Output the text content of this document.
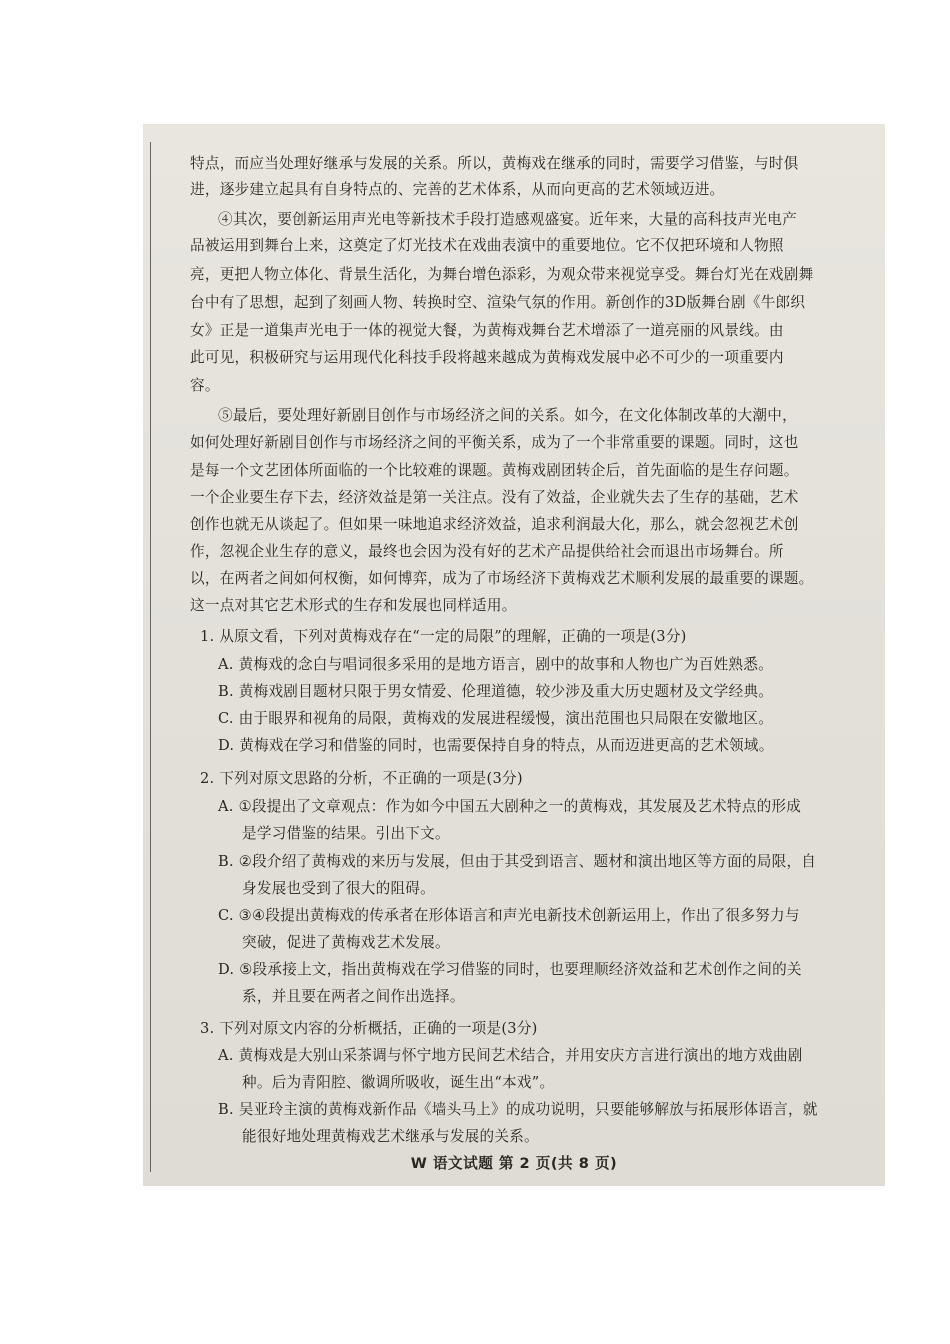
特点，而应当处理好继承与发展的关系。所以，黄梅戏在继承的同时，需要学习借鉴，与时俱
进，逐步建立起具有自身特点的、完善的艺术体系，从而向更高的艺术领域迈进。
④其次，要创新运用声光电等新技术手段打造感观盛宴。近年来，大量的高科技声光电产
品被运用到舞台上来，这奠定了灯光技术在戏曲表演中的重要地位。它不仅把环境和人物照
亮，更把人物立体化、背景生活化，为舞台增色添彩，为观众带来视觉享受。舞台灯光在戏剧舞
台中有了思想，起到了刻画人物、转换时空、渲染气氛的作用。新创作的3D版舞台剧《牛郎织
女》正是一道集声光电于一体的视觉大餐，为黄梅戏舞台艺术增添了一道亮丽的风景线。由
此可见，积极研究与运用现代化科技手段将越来越成为黄梅戏发展中必不可少的一项重要内
容。
⑤最后，要处理好新剧目创作与市场经济之间的关系。如今，在文化体制改革的大潮中，
如何处理好新剧目创作与市场经济之间的平衡关系，成为了一个非常重要的课题。同时，这也
是每一个文艺团体所面临的一个比较难的课题。黄梅戏剧团转企后，首先面临的是生存问题。
一个企业要生存下去，经济效益是第一关注点。没有了效益，企业就失去了生存的基础，艺术
创作也就无从谈起了。但如果一味地追求经济效益，追求利润最大化，那么，就会忽视艺术创
作，忽视企业生存的意义，最终也会因为没有好的艺术产品提供给社会而退出市场舞台。所
以，在两者之间如何权衡，如何博弈，成为了市场经济下黄梅戏艺术顺利发展的最重要的课题。
这一点对其它艺术形式的生存和发展也同样适用。
1. 从原文看，下列对黄梅戏存在“一定的局限”的理解，正确的一项是(3分)
A. 黄梅戏的念白与唱词很多采用的是地方语言，剧中的故事和人物也广为百姓熟悉。
B. 黄梅戏剧目题材只限于男女情爱、伦理道德，较少涉及重大历史题材及文学经典。
C. 由于眼界和视角的局限，黄梅戏的发展进程缓慢，演出范围也只局限在安徽地区。
D. 黄梅戏在学习和借鉴的同时，也需要保持自身的特点，从而迈进更高的艺术领域。
2. 下列对原文思路的分析，不正确的一项是(3分)
A. ①段提出了文章观点：作为如今中国五大剧种之一的黄梅戏，其发展及艺术特点的形成
是学习借鉴的结果。引出下文。
B. ②段介绍了黄梅戏的来历与发展，但由于其受到语言、题材和演出地区等方面的局限，自
身发展也受到了很大的阻碍。
C. ③④段提出黄梅戏的传承者在形体语言和声光电新技术创新运用上，作出了很多努力与
突破，促进了黄梅戏艺术发展。
D. ⑤段承接上文，指出黄梅戏在学习借鉴的同时，也要理顺经济效益和艺术创作之间的关
系，并且要在两者之间作出选择。
3. 下列对原文内容的分析概括，正确的一项是(3分)
A. 黄梅戏是大别山采茶调与怀宁地方民间艺术结合，并用安庆方言进行演出的地方戏曲剧
种。后为青阳腔、徽调所吸收，诞生出“本戏”。
B. 吴亚玲主演的黄梅戏新作品《墙头马上》的成功说明，只要能够解放与拓展形体语言，就
能很好地处理黄梅戏艺术继承与发展的关系。
W 语文试题 第 2 页(共 8 页)
